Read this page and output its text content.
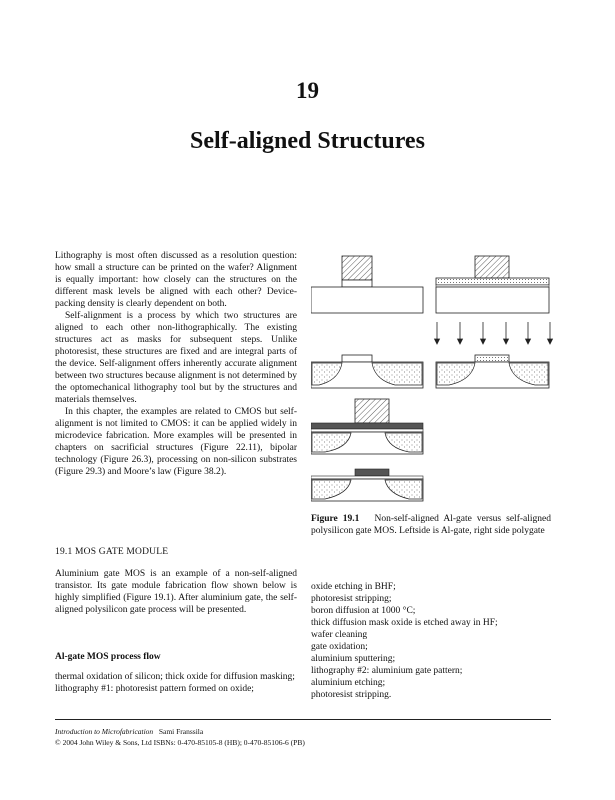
19
Self-aligned Structures

Lithography is most often discussed as a resolution question: how small a structure can be printed on the wafer? Alignment is equally important: how closely can the structures on the different mask levels be aligned with each other? Device-packing density is clearly dependent on both.

Self-alignment is a process by which two structures are aligned to each other non-lithographically. The existing structures act as masks for subsequent steps. Unlike photoresist, these structures are fixed and are integral parts of the device. Self-alignment offers inherently accurate alignment between two structures because alignment is not determined by the optomechanical lithography tool but by the structures and materials themselves.

In this chapter, the examples are related to CMOS but self-alignment is not limited to CMOS: it can be applied widely in microdevice fabrication. More examples will be presented in chapters on sacrificial structures (Figure 22.11), bipolar technology (Figure 26.3), processing on non-silicon substrates (Figure 29.3) and Moore’s law (Figure 38.2).

19.1 MOS GATE MODULE

Aluminium gate MOS is an example of a non-self-aligned transistor. Its gate module fabrication flow shown below is highly simplified (Figure 19.1). After aluminium gate, the self-aligned polysilicon gate process will be presented.

Al-gate MOS process flow
thermal oxidation of silicon; thick oxide for diffusion masking;
lithography #1: photoresist pattern formed on oxide;
oxide etching in BHF;
photoresist stripping;
boron diffusion at 1000 °C;
thick diffusion mask oxide is etched away in HF;
wafer cleaning
gate oxidation;
aluminium sputtering;
lithography #2: aluminium gate pattern;
aluminium etching;
photoresist stripping.

Figure 19.1 Non-self-aligned Al-gate versus self-aligned polysilicon gate MOS. Leftside is Al-gate, right side polygate

Introduction to Microfabrication Sami Franssila
© 2004 John Wiley & Sons, Ltd ISBNs: 0-470-85105-8 (HB); 0-470-85106-6 (PB)
